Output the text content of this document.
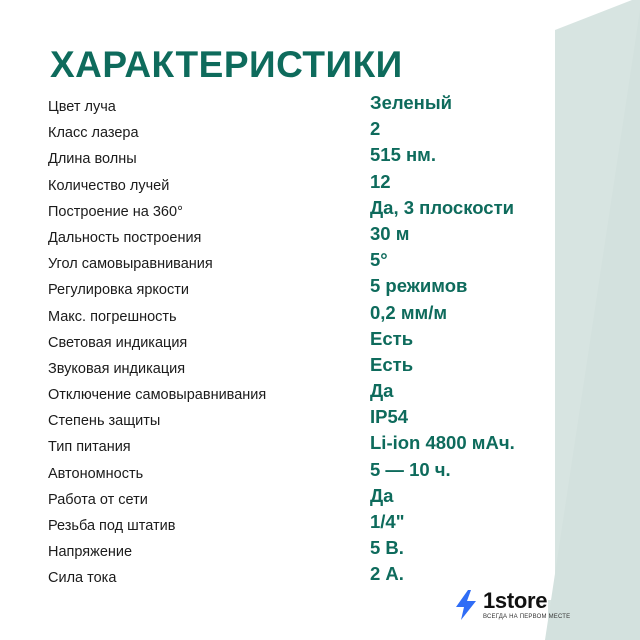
ХАРАКТЕРИСТИКИ
Цвет луча	Зеленый
Класс лазера	2
Длина волны	515 нм.
Количество лучей	12
Построение на 360°	Да, 3 плоскости
Дальность построения	30 м
Угол самовыравнивания	5°
Регулировка яркости	5 режимов
Макс. погрешность	0,2 мм/м
Световая индикация	Есть
Звуковая индикация	Есть
Отключение самовыравнивания	Да
Степень защиты	IP54
Тип питания	Li-ion 4800 мАч.
Автономность	5 — 10 ч.
Работа от сети	Да
Резьба под штатив	1/4"
Напряжение	5 В.
Сила тока	2 А.
1store
ВСЕГДА НА ПЕРВОМ МЕСТЕ
